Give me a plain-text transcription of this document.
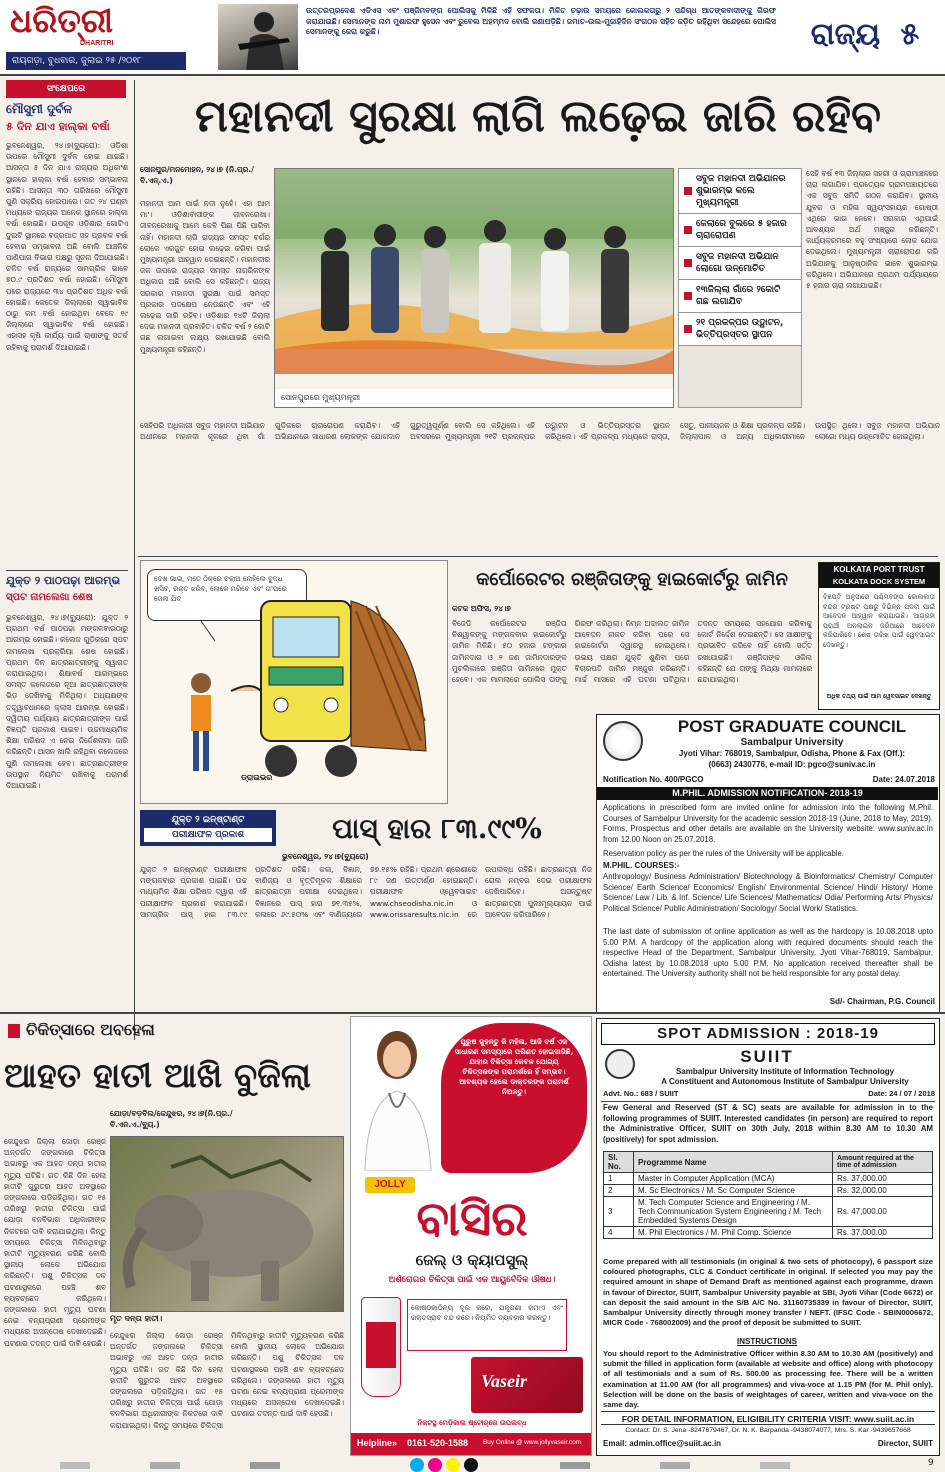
ଧରିତ୍ରୀ
DHARITRI
ରାୟଗଡ଼ା, ବୁଧବାର, ଜୁଲାଇ ୨୫ /୨୦୧୮
ଉତ୍ତରପ୍ରଦେଶ ଏଡିଏସ ଏବଂ ପଞ୍ଜିମବଙ୍ଗ ପୋଲିସକୁ ମିଳିଛି ଏହି ସଫଳତା। ମିଳିତ ଚଢ଼ାଉ ସମୟରେ କୋଲକତାରୁ ୨ ସନ୍ଦିଗ୍ଧ ଆତଙ୍କବାଦୀଙ୍କୁ ଗିରଫ କରାଯାଇଛି। ସେମାନଙ୍କ ନାମ ମୁଶାରଫ ହୁସେନ ଏବଂ ରୁବେଲ ଅହମ୍ମଦ ବୋଲି ଜଣାପଡ଼ିଛି। ଜମାତ-ଉଲ-ମୁଜାହିଦିନ ସଂଗଠନ ସହିତ ଜଡ଼ିତ ରହିଥିବା ସନ୍ଦେହରେ ପୋଲିସ ସେମାନଙ୍କୁ ଜେରା କରୁଛି।	ରାଜ୍ୟ ୫
ସଂକ୍ଷେପରେ
ମୌସୁମୀ ଦୁର୍ବଳ
୫ ଦିନ ଯାଏ ହାଲ୍କା ବର୍ଷା
ଭୁବନେଶ୍ୱର, ୨୪।୭(ବ୍ୟୁରୋ): ଓଡ଼ିଶା ଉପରେ ମୌସୁମୀ ଦୁର୍ବଳ ହୋଇ ଯାଇଛି। ଆସନ୍ତା ୫ ଦିନ ଯାଏ ରାଜ୍ୟର ଅଧିକାଂଶ ସ୍ଥାନରେ ହାଲ୍କା ବର୍ଷା ହେବାର ସମ୍ଭାବନା ରହିଛି। ଆସନ୍ତା ୩୦ ତାରିଖରେ ମୌସୁମୀ ପୁଣି ସକ୍ରିୟ ହୋଇପାରେ। ଗତ ୨୪ ଘଣ୍ଟା ମଧ୍ୟରେ ରାଜ୍ୟର ଅନେକ ସ୍ଥାନରେ ହାଲ୍କା ବର୍ଷା ହୋଇଛି। ଉପକୂଳ ଓଡ଼ିଶାର ଗୋଟିଏ ଦୁଇଟି ସ୍ଥାନରେ ବଜ୍ରପାତ ସହ ପ୍ରବଳ ବର୍ଷା ହେବାର ସମ୍ଭାବନା ଅଛି ବୋଲି ଆଞ୍ଚଳିକ ପାଣିପାଗ ବିଭାଗ ପକ୍ଷରୁ ସୂଚନା ଦିଆଯାଇଛି। ଚଳିତ ବର୍ଷ ରାଜ୍ୟରେ ସାମଗ୍ରିକ ଭାବେ ୭୦.୯ ପ୍ରତିଶତ ବର୍ଷା ହୋଇଛି। ମୌସୁମୀ ପରେ ରାଜ୍ୟରେ ୩୪ ପ୍ରତିଶତ ଅଧିକ ବର୍ଷା ହୋଇଛି। କେତେକ ଜିଲ୍ଲାରେ ସ୍ୱାଭାବିକ ଠାରୁ କମ ବର୍ଷା ହୋଇଥିବା ବେଳେ ୧୯ ଜିଲ୍ଲାରେ ସ୍ୱାଭାବିକ ବର୍ଷା ହୋଇଛି। ଏହାସହ କୃଷି କାର୍ଯ୍ୟ ପାଇଁ ଚାଷୀଙ୍କୁ ସତର୍କ ରହିବାକୁ ପରାମର୍ଶ ଦିଆଯାଇଛି।
ଯୁକ୍ତ ୨ ପାଠପଢ଼ା ଆରମ୍ଭ
ସ୍ପଟ ନାମଲେଖା ଶେଷ
ଭୁବନେଶ୍ୱର, ୨୪।୭(ବ୍ୟୁରୋ): ଯୁକ୍ତ ୨ ପ୍ରଥମ ବର୍ଷ ପାଠପଢ଼ା ମଙ୍ଗଳବାରଠାରୁ ଆରମ୍ଭ ହୋଇଛି। କଲେଜ ଗୁଡ଼ିକରେ ସ୍ପଟ ନାମଲେଖା ପ୍ରକ୍ରିୟା ଶେଷ ହୋଇଛି। ପ୍ରଥମ ଦିନ ଛାତ୍ରଛାତ୍ରୀଙ୍କୁ ସ୍ୱାଗତ କରାଯାଇଥିଲା। ଶିକ୍ଷାବର୍ଷ ଆରମ୍ଭରେ ସମସ୍ତ କଲେଜରେ ନୂଆ ଛାତ୍ରଛାତ୍ରୀଙ୍କ ଭିଡ଼ ଦେଖିବାକୁ ମିଳିଥିଲା। ଅଧ୍ୟକ୍ଷଙ୍କ ତତ୍ତ୍ୱାବଧାନରେ କ୍ଲାସ ଆରମ୍ଭ ହୋଇଛି। ଦ୍ୱିତୀୟ ପର୍ଯ୍ୟାୟ ଛାତ୍ରଛାତ୍ରୀଙ୍କ ପାଇଁ ବିଜ୍ଞପ୍ତି ପ୍ରକାଶ ପାଇବ। ଉଚ୍ଚମାଧ୍ୟମିକ ଶିକ୍ଷା ପରିଷଦ ଏ ନେଇ ନିର୍ଦ୍ଦେଶନାମା ଜାରି କରିଛନ୍ତି। ଆସନ ଖାଲି ରହିଥିବା କଲେଜରେ ପୁଣି ନାମଲେଖା ହେବ। ଛାତ୍ରଛାତ୍ରୀଙ୍କ ଉପସ୍ଥାନ ନିୟମିତ ରଖିବାକୁ ପରାମର୍ଶ ଦିଆଯାଇଛି।
ମହାନଦୀ ସୁରକ୍ଷା ଲାଗି ଲଢ଼େଇ ଜାରି ରହିବ
ସୋନପୁର/ମନମୋହନ, ୨୪।୭ (ନି.ପ୍ର./ବି.ଏନ୍.ଏ.)
ସୋନପୁରରେ ମୁଖ୍ୟମନ୍ତ୍ରୀ
ସବୁଜ ମହାନଦୀ ଅଭିଯାନର ଶୁଭାରମ୍ଭ କଲେ ମୁଖ୍ୟମନ୍ତ୍ରୀ
ଜେଲାରେ ବୁଲରେ ୫ ହଜାର ଚାରାରୋପଣ
ସବୁଜ ମହାନଦୀ ଅଭିଯାନ ଲୋଗୋ ଉନ୍ମୋଚିତ
୧୩ଜିଲ୍ଲା ଗାଁରେ ୨କୋଟି ଗଛ ଲଗାଯିବ
୨୧ ପ୍ରକଳ୍ପର ଉଦ୍ଘାଟନ, ଭିତ୍ତିପ୍ରସ୍ତର ସ୍ଥାପନ
ମହାନଦୀ ଆମ ପାଇଁ ନଦୀ ନୁହେଁ। ଏହା ଆମ ମା'। ଓଡ଼ିଶାବାସୀଙ୍କ ଜୀବନରେଖା। ଜୀବନରେଖାକୁ ଆମେ କେବି ପିଛା ପିଛି ପାରିବା ନାହିଁ। ମହାନଦୀ ଲାଗି ରାଜ୍ୟର ସମସ୍ତ ବର୍ଗର ଲୋକେ ଏକଜୁଟ ହୋଇ ଲଢ଼େଇ କରିବା ପାଇଁ ମୁଖ୍ୟମନ୍ତ୍ରୀ ଆହ୍ୱାନ ଦେଇଛନ୍ତି। ମହାନଦୀର ଜଳ ଉପରେ ରାଜ୍ୟର ସମସ୍ତ ନାଗରିକଙ୍କ ଅଧିକାର ଅଛି ବୋଲି ସେ କହିଛନ୍ତି। ରାଜ୍ୟ ସରକାର ମହାନଦୀ ସୁରକ୍ଷା ପାଇଁ ସମସ୍ତ ପ୍ରକାର ପଦକ୍ଷେପ ନେଉଛନ୍ତି ଏବଂ ଏହି ଲଢ଼େଇ ଜାରି ରହିବ। ଓଡ଼ିଶାର ୧୪ଟି ଜିଲ୍ଲା ଦେଇ ମହାନଦୀ ପ୍ରବାହିତ। ଚଳିତ ବର୍ଷ ୨ କୋଟି ଗଛ ଲଗାଇବା ଲକ୍ଷ୍ୟ ରଖାଯାଇଛି ବୋଲି ମୁଖ୍ୟମନ୍ତ୍ରୀ କହିଛନ୍ତି।
ସେହି ବର୍ଷ ୧୩ ଜିଲ୍ଲାର ସହରୀ ଓ ଗ୍ରାମାଞ୍ଚଳରେ ଚାରା ଲଗାଯିବ। ପ୍ରତ୍ୟେକ ଗ୍ରାମପଞ୍ଚାୟତରେ ଏକ ସବୁଜ ସମିତି ଗଠନ କରାଯିବ। ସ୍ଥାନୀୟ ଯୁବକ ଓ ମହିଳା ସ୍ୱୟଂସହାୟକ ଗୋଷ୍ଠୀ ଏଥିରେ ଭାଗ ନେବେ। ସରକାର ଏଥିପାଇଁ ଆବଶ୍ୟକ ଅର୍ଥ ମଞ୍ଜୁର କରିଛନ୍ତି। କାର୍ଯ୍ୟକ୍ରମରେ ବହୁ ସଂଖ୍ୟାରେ ଲୋକ ଯୋଗ ଦେଇଥିଲେ। ମୁଖ୍ୟମନ୍ତ୍ରୀ ଚାରାରୋପଣ କରି ଅଭିଯାନକୁ ଆନୁଷ୍ଠାନିକ ଭାବେ ଶୁଭାରମ୍ଭ କରିଥିଲେ। ଅଭିଯାନରେ ପ୍ରଥମ ପର୍ଯ୍ୟାୟରେ ୫ ହଜାର ଚାରା ଲଗାଯାଇଛି।
ସେହିପରି ଅଧିକାରୀ ସବୁଜ ମହାନଦୀ ଅଭିଯାନ ଅଧୀନରେ ମହାନଦୀ କୂଳରେ ଥିବା ଗାଁ ଗୁଡ଼ିକରେ ଚାରାରୋପଣ କରାଯିବ। ଏହି ଅଭିଯାନରେ ସାଧାରଣ ଲୋକଙ୍କ ଯୋଗଦାନ ଗୁରୁତ୍ୱପୂର୍ଣ୍ଣ ବୋଲି ସେ କହିଥିଲେ। ଏହି ଅବସରରେ ମୁଖ୍ୟମନ୍ତ୍ରୀ ୨୧ଟି ପ୍ରକଳ୍ପର ଉଦ୍ଘାଟନ ଓ ଭିତ୍ତିପ୍ରସ୍ତର ସ୍ଥାପନ କରିଥିଲେ। ଏହି ପ୍ରକଳ୍ପ ମଧ୍ୟରେ ରାସ୍ତା, ସେତୁ, ପାନୀୟଜଳ ଓ ଶିକ୍ଷା ପ୍ରକଳ୍ପ ରହିଛି। ଜିଲ୍ଲାପାଳ ଓ ଅନ୍ୟ ଅଧିକାରୀମାନେ ଉପସ୍ଥିତ ଥିଲେ। ସବୁଜ ମହାନଦୀ ଅଭିଯାନ ଲୋଗୋ ମଧ୍ୟ ଉନ୍ମୋଚିତ ହୋଇଥିଲା।
ଦେଖ ଭାଇ, ମତେ ଠିକ୍‌ରେ ଚଲାଅ ନୋହିଲେ ବୁଦ୍ଧ ଖସିବ, ରକ୍ତ ଝରିବ, ଲୋକେ ମରିବେ ଏବଂ ତା'ପରେ ଜେଲ ଯିବ
ଡ୍ରାଇଭର
କର୍ପୋରେଟର ରଞ୍ଜିତାଙ୍କୁ ହାଇକୋର୍ଟରୁ ଜାମିନ
କଟକ ଅଫିସ, ୨୪।୭
ବିଜେଡି କର୍ପୋରେଟର ରଞ୍ଜିତା ବିଶ୍ୱାଳଙ୍କୁ ମଙ୍ଗଳବାର ହାଇକୋର୍ଟରୁ ଜାମିନ ମିଳିଛି। ୫୦ ହଜାର ଟଙ୍କାର ଜାମିନଦାର ଓ ୨ ଜଣ ଜାମିନଦାରଙ୍କ ମୁଚଲିକାରେ ରଞ୍ଜିତା ଜାମିନରେ ମୁକ୍ତ ହେବେ। ଏକ ମାମଲାରେ ପୋଲିସ ତାଙ୍କୁ ଗିରଫ କରିଥିଲା। ନିମ୍ନ ଅଦାଲତ ଜାମିନ ଆବେଦନ ନାକଚ କରିବା ପରେ ସେ ହାଇକୋର୍ଟର ଦ୍ୱାରସ୍ଥ ହୋଇଥିଲେ। ଉଭୟ ପକ୍ଷର ଯୁକ୍ତି ଶୁଣିବା ପରେ ବିଚାରପତି ଜାମିନ ମଞ୍ଜୁର କରିଛନ୍ତି। ମାର୍ଚ୍ଚ ମାସରେ ଏହି ଘଟଣା ଘଟିଥିଲା। ତଦନ୍ତ ସମୟରେ ସହଯୋଗ କରିବାକୁ କୋର୍ଟ ନିର୍ଦ୍ଦେଶ ଦେଇଛନ୍ତି। ସେ ସାକ୍ଷୀଙ୍କୁ ପ୍ରଭାବିତ କରିବେ ନାହିଁ ବୋଲି ସର୍ତ୍ତ ରଖାଯାଇଛି। ରଞ୍ଜିତାଙ୍କ ଓକିଲ କହିଛନ୍ତି ଯେ ତାଙ୍କୁ ମିଥ୍ୟା ମାମଲାରେ ଛନ୍ଦାଯାଇଥିଲା।
KOLKATA PORT TRUST
KOLKATA DOCK SYSTEM
ବିଜ୍ଞପ୍ତି ଅନୁସାରେ ପଶ୍ଚିମବଙ୍ଗ କୋଲକାତା ବନ୍ଦର ଟ୍ରଷ୍ଟ ପକ୍ଷରୁ ବିଭିନ୍ନ ପଦବୀ ପାଇଁ ଆବେଦନ ଆହ୍ୱାନ କରାଯାଇଛି। ଆଗ୍ରହୀ ପ୍ରାର୍ଥୀ ଅନଲାଇନ ଜରିଆରେ ଆବେଦନ କରିପାରିବେ। ଶେଷ ତାରିଖ ପାଇଁ ୱେବସାଇଟ ଦେଖନ୍ତୁ।
ଅଧିକ ତଥ୍ୟ ପାଇଁ ଆମ ୱେବସାଇଟ ଦେଖନ୍ତୁ
POST GRADUATE COUNCIL
Sambalpur University
Jyoti Vihar: 768019, Sambalpur, Odisha, Phone & Fax (Off.):
(0663) 2430776, e-mail ID: pgco@suniv.ac.in
Notification No. 400/PGCO	Date: 24.07.2018
M.PHIL. ADMISSION NOTIFICATION- 2018-19
Applications in prescribed form are invited online for admission into the following M.Phil. Courses of Sambalpur University for the academic session 2018-19 (June, 2018 to May, 2019). Forms, Prospectus and other details are available on the University website: www.suniv.ac.in from 12.00 Noon on 25.07.2018.
Reservation policy as per the rules of the University will be applicable.
M.PHIL. COURSES:-
Anthropology/ Business Administration/ Biotechnology & Bioinformatics/ Chemistry/ Computer Science/ Earth Science/ Economics/ English/ Environmental Science/ Hindi/ History/ Home Science/ Law / Lib. & Inf. Science/ Life Sciences/ Mathematics/ Odia/ Performing Arts/ Physics/ Political Science/ Public Administration/ Sociology/ Social Work/ Statistics.
The last date of submission of online application as well as the hardcopy is 10.08.2018 upto 5.00 P.M. A hardcopy of the application along with required documents should reach the respective Head of the Department, Sambalpur University, Jyoti Vihar-768019, Sambalpur, Odisha latest by 10.08.2018 upto 5.00 P.M. No application received thereafter shall be entertained. The University authority shall not be held responsible for any postal delay.
Sd/- Chairman, P.G. Council
ଯୁକ୍ତ ୨ ଇନ୍‌ଷ୍ଟାଣ୍ଟ
ପରୀକ୍ଷାଫଳ ପ୍ରକାଶ	ପାସ୍ ହାର ୮୩.୯୯%
ଭୁବନେଶ୍ୱର, ୨୪।୭(ବ୍ୟୁରୋ)
ଯୁକ୍ତ ୨ ଇନ୍‌ଷ୍ଟାଣ୍ଟ ପରୀକ୍ଷାଫଳ ମଙ୍ଗଳବାର ପ୍ରକାଶ ପାଇଛି। ଉଚ୍ଚ ମାଧ୍ୟମିକ ଶିକ୍ଷା ପରିଷଦ ଦ୍ୱାରା ଏହି ପରୀକ୍ଷାଫଳ ପ୍ରକାଶ କରାଯାଇଛି। ସାମଗ୍ରିକ ପାସ୍ ହାର ୮୩.୯୯ ପ୍ରତିଶତ ରହିଛି। କଳା, ବିଜ୍ଞାନ, ବାଣିଜ୍ୟ ଓ ବୃତ୍ତିମୂଳକ ଶିକ୍ଷାରେ ଛାତ୍ରଛାତ୍ରୀ ପରୀକ୍ଷା ଦେଇଥିଲେ। ବିଜ୍ଞାନରେ ପାସ୍ ହାର ୭୧.୩୫%, କଳାରେ ୬୯.୫୦% ଏବଂ ବାଣିଜ୍ୟରେ ୭୭.୧୫% ରହିଛି। ପ୍ରଥମ ଶ୍ରେଣୀରେ ୮୯ ଜଣ ଉତ୍ତୀର୍ଣ୍ଣ ହୋଇଛନ୍ତି। ପରୀକ୍ଷାଫଳ ଓ୍ୱେବସାଇଟ www.chseodisha.nic.in ଓ www.orissaresults.nic.in ରେ ଉପଲବ୍ଧ ରହିଛି। ଛାତ୍ରଛାତ୍ରୀ ନିଜ ରୋଲ ନମ୍ବର ଦେଇ ପରୀକ୍ଷାଫଳ ଦେଖିପାରିବେ। ଅସନ୍ତୁଷ୍ଟ ଛାତ୍ରଛାତ୍ରୀ ପୁନଃମୂଲ୍ୟାୟନ ପାଇଁ ଆବେଦନ କରିପାରିବେ।
ଚିକିତ୍ସାରେ ଅବହେଳା
ଆହତ ହାତୀ ଆଖି ବୁଜିଲା
ଯୋଡ଼ା/ବଡ଼ବିଲ/କେନ୍ଦୁଝର, ୨୪।୭(ନି.ପ୍ର./ବି.ଏନ.ଏ./ବ୍ୟୁ.)
ମୃତ ଦନ୍ତା ହାତୀ।
କେନ୍ଦୁଝର ଜିଲ୍ଲା ଜୋଡ଼ା ରେଞ୍ଜ ଅନ୍ତର୍ଗତ ଜଙ୍ଗଲରେ ଚିକିତ୍ସା ଅଭାବରୁ ଏକ ଆହତ ଦନ୍ତା ହାତୀର ମୃତ୍ୟୁ ଘଟିଛି। ଗତ କିଛି ଦିନ ହେଲା ହାତୀଟି ଗୁରୁତର ଆହତ ଅବସ୍ଥାରେ ଜଙ୍ଗଲରେ ପଡ଼ିରହିଥିଲା। ଗତ ୧୫ ତାରିଖରୁ ହାତୀର ଚିକିତ୍ସା ପାଇଁ ଯୋଡ଼ା ବନବିଭାଗ ଅଧିକାରୀଙ୍କ ନିକଟରେ ଦାବି କରାଯାଇଥିଲା। କିନ୍ତୁ ସମୟରେ ଚିକିତ୍ସା ମିଳିନଥିବାରୁ ହାତୀଟି ମୃତ୍ୟୁବରଣ କରିଛି ବୋଲି ସ୍ଥାନୀୟ ଲୋକେ ଅଭିଯୋଗ କରିଛନ୍ତି। ପଶୁ ଚିକିତ୍ସକ ଦଳ ଘଟଣାସ୍ଥଳରେ ପହଞ୍ଚି ଶବ ବ୍ୟବଚ୍ଛେଦ କରିଥିଲେ। ଜଙ୍ଗଲରେ ହାତୀ ମୃତ୍ୟୁ ଘଟଣା ନେଇ ବନ୍ୟପ୍ରାଣୀ ପ୍ରେମୀଙ୍କ ମଧ୍ୟରେ ଅସନ୍ତୋଷ ଦେଖାଦେଇଛି। ଘଟଣାର ତଦନ୍ତ ପାଇଁ ଦାବି ହେଉଛି।
କେନ୍ଦୁଝର ଜିଲ୍ଲା ଜୋଡ଼ା ରେଞ୍ଜ ଅନ୍ତର୍ଗତ ଜଙ୍ଗଲରେ ଚିକିତ୍ସା ଅଭାବରୁ ଏକ ଆହତ ଦନ୍ତା ହାତୀର ମୃତ୍ୟୁ ଘଟିଛି। ଗତ କିଛି ଦିନ ହେଲା ହାତୀଟି ଗୁରୁତର ଆହତ ଅବସ୍ଥାରେ ଜଙ୍ଗଲରେ ପଡ଼ିରହିଥିଲା। ଗତ ୧୫ ତାରିଖରୁ ହାତୀର ଚିକିତ୍ସା ପାଇଁ ଯୋଡ଼ା ବନବିଭାଗ ଅଧିକାରୀଙ୍କ ନିକଟରେ ଦାବି କରାଯାଇଥିଲା। କିନ୍ତୁ ସମୟରେ ଚିକିତ୍ସା ମିଳିନଥିବାରୁ ହାତୀଟି ମୃତ୍ୟୁବରଣ କରିଛି ବୋଲି ସ୍ଥାନୀୟ ଲୋକେ ଅଭିଯୋଗ କରିଛନ୍ତି। ପଶୁ ଚିକିତ୍ସକ ଦଳ ଘଟଣାସ୍ଥଳରେ ପହଞ୍ଚି ଶବ ବ୍ୟବଚ୍ଛେଦ କରିଥିଲେ। ଜଙ୍ଗଲରେ ହାତୀ ମୃତ୍ୟୁ ଘଟଣା ନେଇ ବନ୍ୟପ୍ରାଣୀ ପ୍ରେମୀଙ୍କ ମଧ୍ୟରେ ଅସନ୍ତୋଷ ଦେଖାଦେଇଛି। ଘଟଣାର ତଦନ୍ତ ପାଇଁ ଦାବି ହେଉଛି।
ପୁରୁଷ କୁହନ୍ତୁ କି ମହିଳା, ଆଜି ବର୍ଷ ଏକ ସାଧାରଣ ସମସ୍ୟାରେ ପରିଣତ ହୋଇସାରିଛି, ଯାହାର ଚିକିତ୍ସା କେବଳ ଯୋଗ୍ୟ ଚିକିତ୍ସକଙ୍କ ପରାମର୍ଶରେ ହିଁ ସମ୍ଭବ। ଆବଶ୍ୟକ ହେଲେ ଡାକ୍ତରଙ୍କ ପରାମର୍ଶ ନିଅନ୍ତୁ।
JOLLY
ବାସିର
ଜେଲ୍ ଓ କ୍ୟାପସୁଲ୍
ଅର୍ଶରୋଗର ଚିକିତ୍ସା ପାଇଁ ଏକ ଆୟୁର୍ବେଦିକ ଔଷଧ।
କୋଷ୍ଠକାଠିନ୍ୟ ଦୂର କରେ, ଯନ୍ତ୍ରଣା କମାଏ ଏବଂ ରକ୍ତସ୍ରାବ ବନ୍ଦ କରେ। ନିୟମିତ ବ୍ୟବହାର କରନ୍ତୁ।
Vaseir
ନିକଟସ୍ଥ ମେଡ଼ିକାଲ ଷ୍ଟୋର୍‌ରେ ଉପଲବ୍ଧ
Helpline» 0161-520-1588 Buy Online @ www.jollyvaseir.com
SPOT ADMISSION : 2018-19
SUIIT
Sambalpur University Institute of Information Technology
A Constituent and Autonomous Institute of Sambalpur University
Advt. No.: 683 / SUIIT	Date: 24 / 07 / 2018
Few General and Reserved (ST & SC) seats are available for admission in to the following programmes of SUIIT. Interested candidates (in person) are required to report the Administrative Officer, SUIIT on 30th July, 2018 within 8.30 AM to 10.30 AM (positively) for spot admission.
Sl. No.	Programme Name	Amount required at the time of admission
1	Master in Computer Application (MCA)	Rs. 37,000.00
2	M. Sc Electronics / M. Sc Computer Science	Rs. 32,000.00
3	M. Tech Computer Science and Engineering / M. Tech Communication System Engineering / M. Tech Embedded Systems Design	Rs. 47,000.00
4	M. Phil Electronics / M. Phil Comp. Science	Rs. 37,000.00
Come prepared with all testimonials (in original & two sets of photocopy), 6 passport size coloured photographs, CLC & Conduct certificate in original. If selected you may pay the required amount in shape of Demand Draft as mentioned against each programme, drawn in favour of Director, SUIIT, Sambalpur University payable at SBI, Jyoti Vihar (Code 6672) or can deposit the said amount in the S/B A/C No. 31160735339 in favour of Director, SUIIT, Sambalpur University directly through money transfer / NEFT. (IFSC Code - SBIN0006672, MICR Code - 768002009) and the proof of deposit be submitted to SUIIT.
INSTRUCTIONS
You should report to the Administrative Officer within 8.30 AM to 10.30 AM (positively) and submit the filled in application form (available at website and office) along with photocopy of all testimonials and a sum of Rs. 500.00 as processing fee. There will be a written examination at 11.00 AM (for all programmes) and viva-voce at 1.15 PM (for M. Phil only). Selection will be done on the basis of weightages of career, written and viva-voce on the same day.
FOR DETAIL INFORMATION, ELIGIBILITY CRITERIA VISIT: www.suiit.ac.in
Contact: Dr. S. Jena -8247679467, Dr. N. K. Barpanda -9438074077, Mrs. S. Kar -9439657668
Email: admin.office@suiit.ac.in	Director, SUIIT
9
